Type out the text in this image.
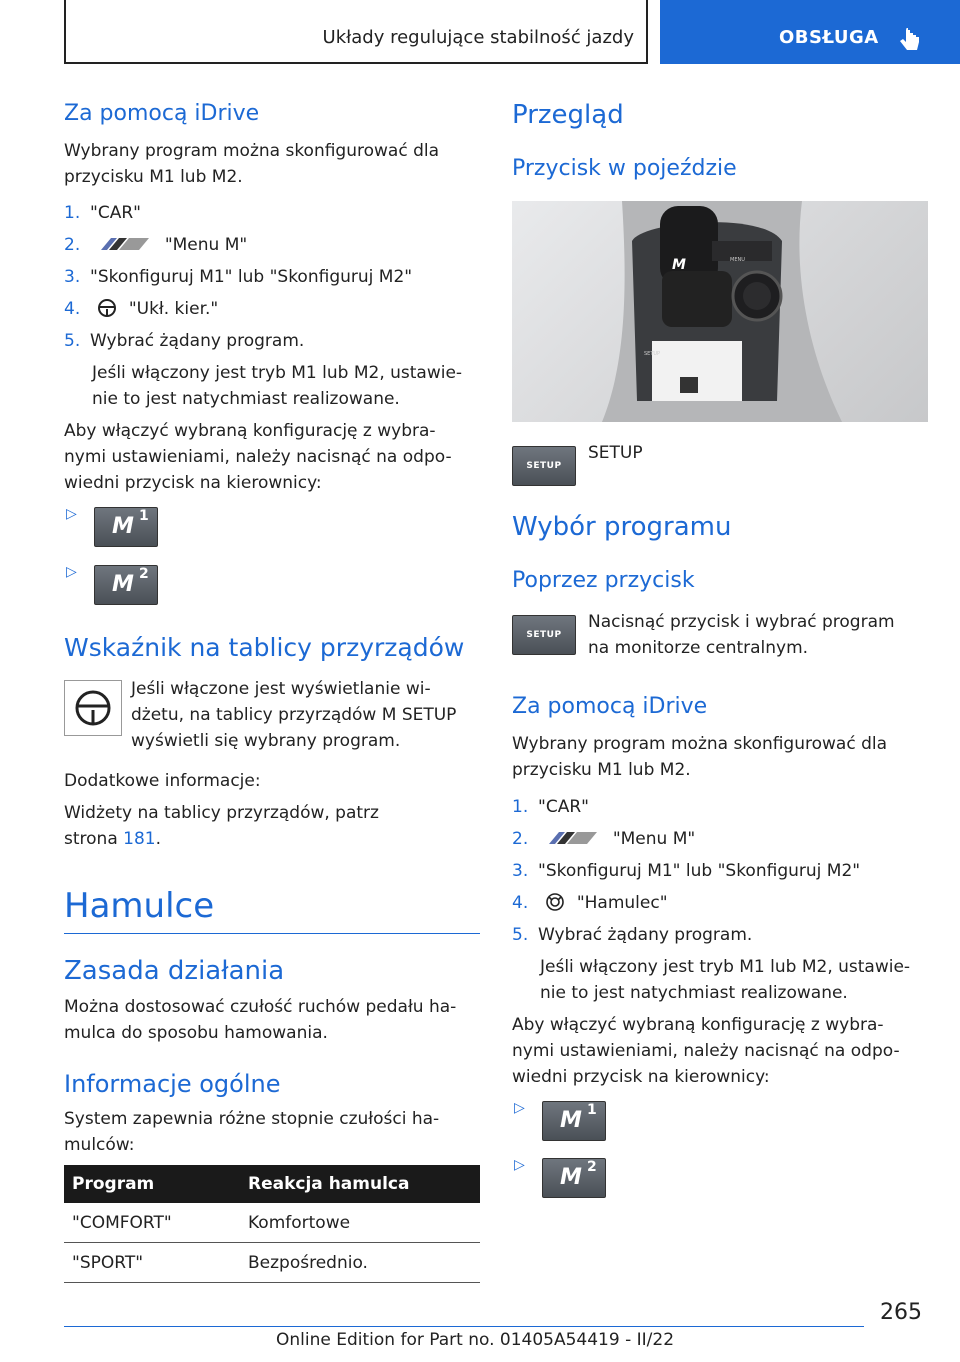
Układy regulujące stabilność jazdy	OBSŁUGA
Za pomocą iDrive
Wybrany program można skonfigurować dla
przycisku M1 lub M2.
1. "CAR"
2.	"Menu M"
3. "Skonfiguruj M1" lub "Skonfiguruj M2"
4.	"Ukł. kier."
5. Wybrać żądany program.
Jeśli włączony jest tryb M1 lub M2, ustawie-
nie to jest natychmiast realizowane.
Aby włączyć wybraną konfigurację z wybra-
nymi ustawieniami, należy nacisnąć na odpo-
wiedni przycisk na kierownicy:
▷ M 1
▷ M 2
Wskaźnik na tablicy przyrządów
Jeśli włączone jest wyświetlanie wi-
dżetu, na tablicy przyrządów M SETUP
wyświetli się wybrany program.
Dodatkowe informacje:
Widżety na tablicy przyrządów, patrz
strona 181.
Hamulce
Zasada działania
Można dostosować czułość ruchów pedału ha-
mulca do sposobu hamowania.
Informacje ogólne
System zapewnia różne stopnie czułości ha-
mulców:
Program	Reakcja hamulca
"COMFORT"	Komfortowe
"SPORT"	Bezpośrednio.
Przegląd
Przycisk w pojeździe
M	MENU
SETUP
SETUP
SETUP
Wybór programu
Poprzez przycisk
SETUP
Nacisnąć przycisk i wybrać program
na monitorze centralnym.
Za pomocą iDrive
Wybrany program można skonfigurować dla
przycisku M1 lub M2.
1. "CAR"
2.	"Menu M"
3. "Skonfiguruj M1" lub "Skonfiguruj M2"
4.	"Hamulec"
5. Wybrać żądany program.
Jeśli włączony jest tryb M1 lub M2, ustawie-
nie to jest natychmiast realizowane.
Aby włączyć wybraną konfigurację z wybra-
nymi ustawieniami, należy nacisnąć na odpo-
wiedni przycisk na kierownicy:
▷ M 1
▷ M 2
265
Online Edition for Part no. 01405A54419 - II/22
